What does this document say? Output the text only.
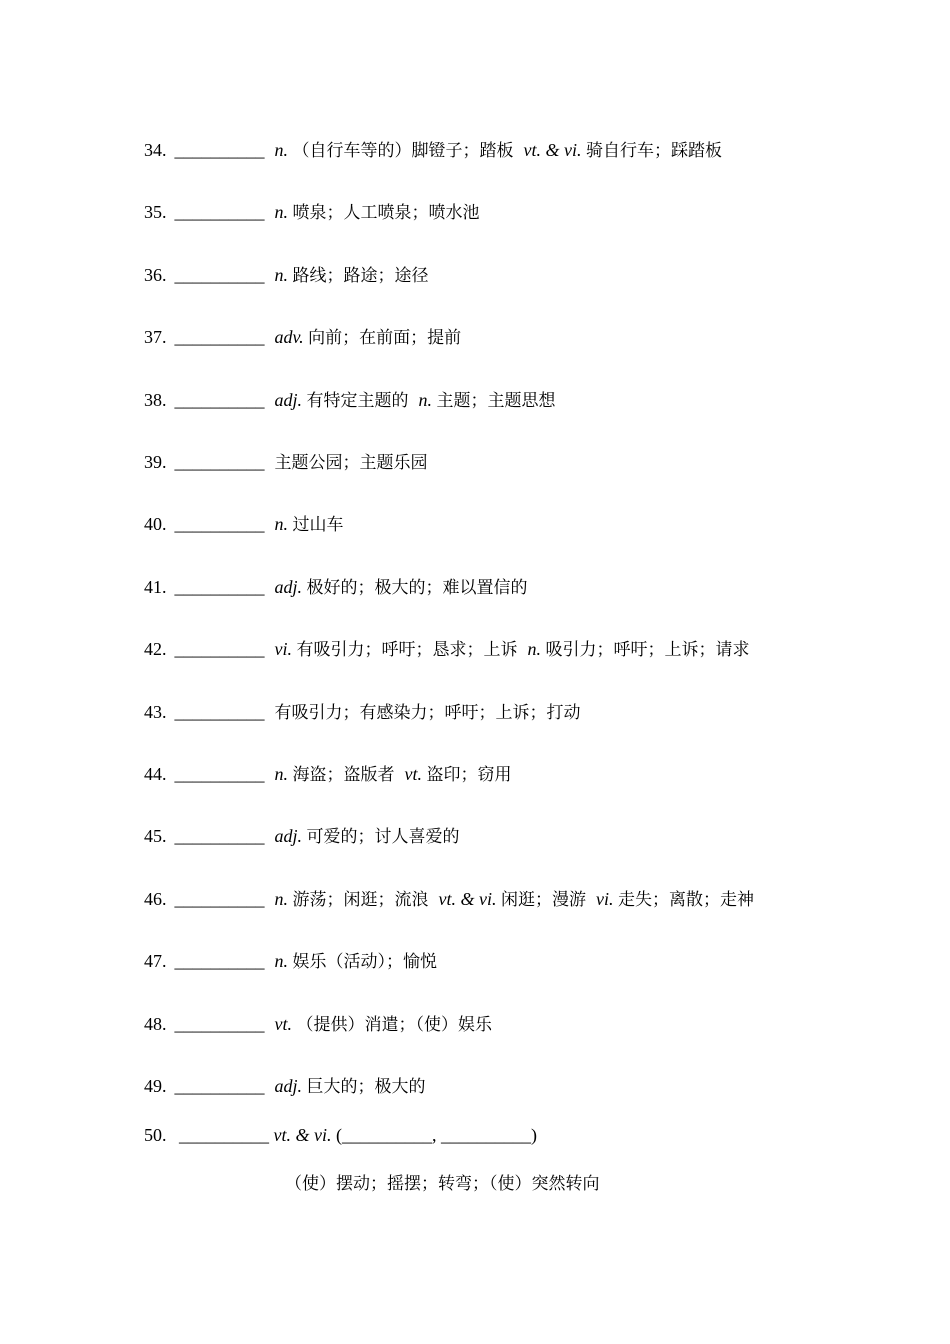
34. __________ n. （自行车等的）脚镫子；踏板 vt. & vi. 骑自行车；踩踏板
35. __________ n. 喷泉；人工喷泉；喷水池
36. __________ n. 路线；路途；途径
37. __________ adv. 向前；在前面；提前
38. __________ adj. 有特定主题的 n. 主题；主题思想
39. __________ 主题公园；主题乐园
40. __________ n. 过山车
41. __________ adj. 极好的；极大的；难以置信的
42. __________ vi. 有吸引力；呼吁；恳求；上诉 n. 吸引力；呼吁；上诉；请求
43. __________ 有吸引力；有感染力；呼吁；上诉；打动
44. __________ n. 海盗；盗版者 vt. 盗印；窃用
45. __________ adj. 可爱的；讨人喜爱的
46. __________ n. 游荡；闲逛；流浪 vt. & vi. 闲逛；漫游 vi. 走失；离散；走神
47. __________ n. 娱乐（活动）；愉悦
48. __________ vt. （提供）消遣；（使）娱乐
49. __________ adj. 巨大的；极大的
50. __________ vt. & vi. (__________, __________)
（使）摆动；摇摆；转弯；（使）突然转向
